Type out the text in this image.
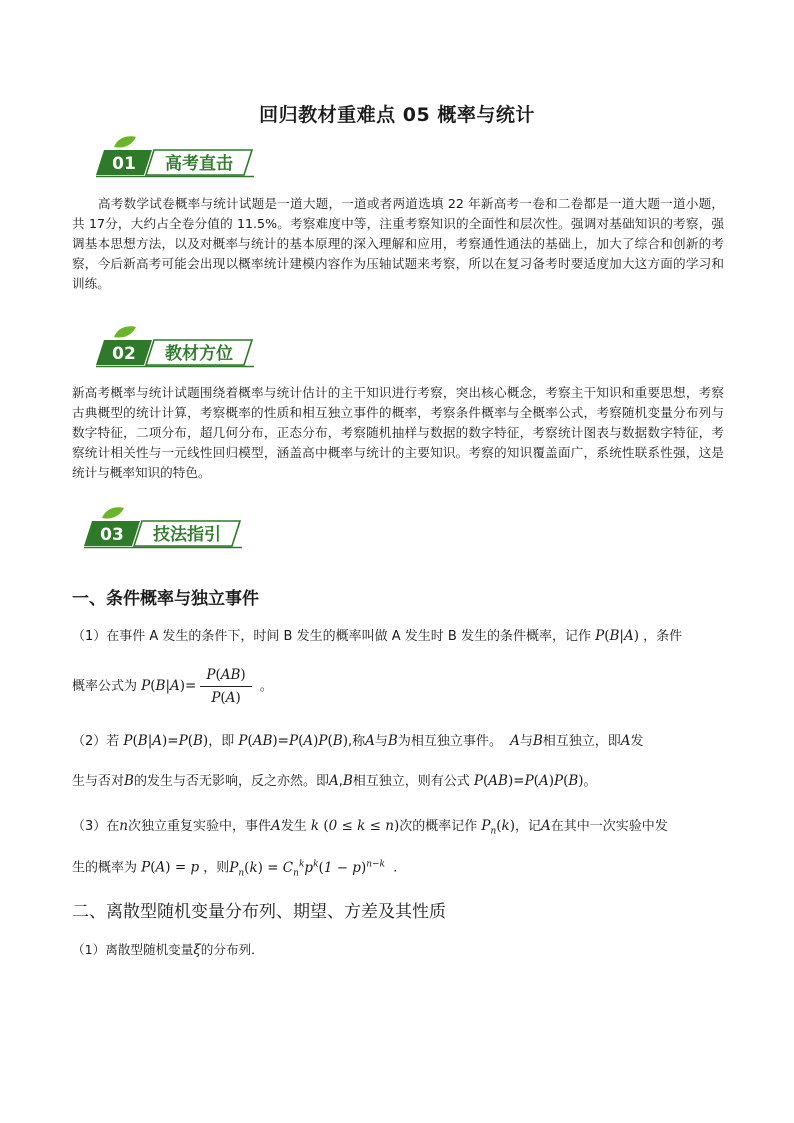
回归教材重难点 05 概率与统计
01 高考直击
高考数学试卷概率与统计试题是一道大题，一道或者两道选填 22 年新高考一卷和二卷都是一道大题一道小题，共 17分，大约占全卷分值的 11.5%。考察难度中等，注重考察知识的全面性和层次性。强调对基础知识的考察，强调基本思想方法，以及对概率与统计的基本原理的深入理解和应用，考察通性通法的基础上，加大了综合和创新的考察，今后新高考可能会出现以概率统计建模内容作为压轴试题来考察，所以在复习备考时要适度加大这方面的学习和训练。
02 教材方位
新高考概率与统计试题围绕着概率与统计估计的主干知识进行考察，突出核心概念，考察主干知识和重要思想，考察古典概型的统计计算，考察概率的性质和相互独立事件的概率，考察条件概率与全概率公式，考察随机变量分布列与数字特征，二项分布，超几何分布，正态分布，考察随机抽样与数据的数字特征，考察统计图表与数据数字特征，考察统计相关性与一元线性回归模型，涵盖高中概率与统计的主要知识。考察的知识覆盖面广，系统性联系性强，这是统计与概率知识的特色。
03 技法指引
一、条件概率与独立事件
（1）在事件 A 发生的条件下，时间 B 发生的概率叫做 A 发生时 B 发生的条件概率，记作 P(B|A) ，条件
概率公式为 $P(B|A)= \frac{P(AB)}{P(A)}$ 。
（2）若 P(B|A)=P(B)，即 P(AB)=P(A)P(B),称A与B为相互独立事件。 A与B相互独立，即A发
生与否对B的发生与否无影响，反之亦然。即A,B相互独立，则有公式 P(AB)=P(A)P(B)。
（3）在n次独立重复实验中，事件A发生 k (0 ≤ k ≤ n)次的概率记作 $P_n(k)$，记A在其中一次实验中发
生的概率为 P(A) = p ，则$P_n(k) = C_n^kp^k(1 - p)^{n-k}$ .
二、离散型随机变量分布列、期望、方差及其性质
（1）离散型随机变量ξ的分布列．
